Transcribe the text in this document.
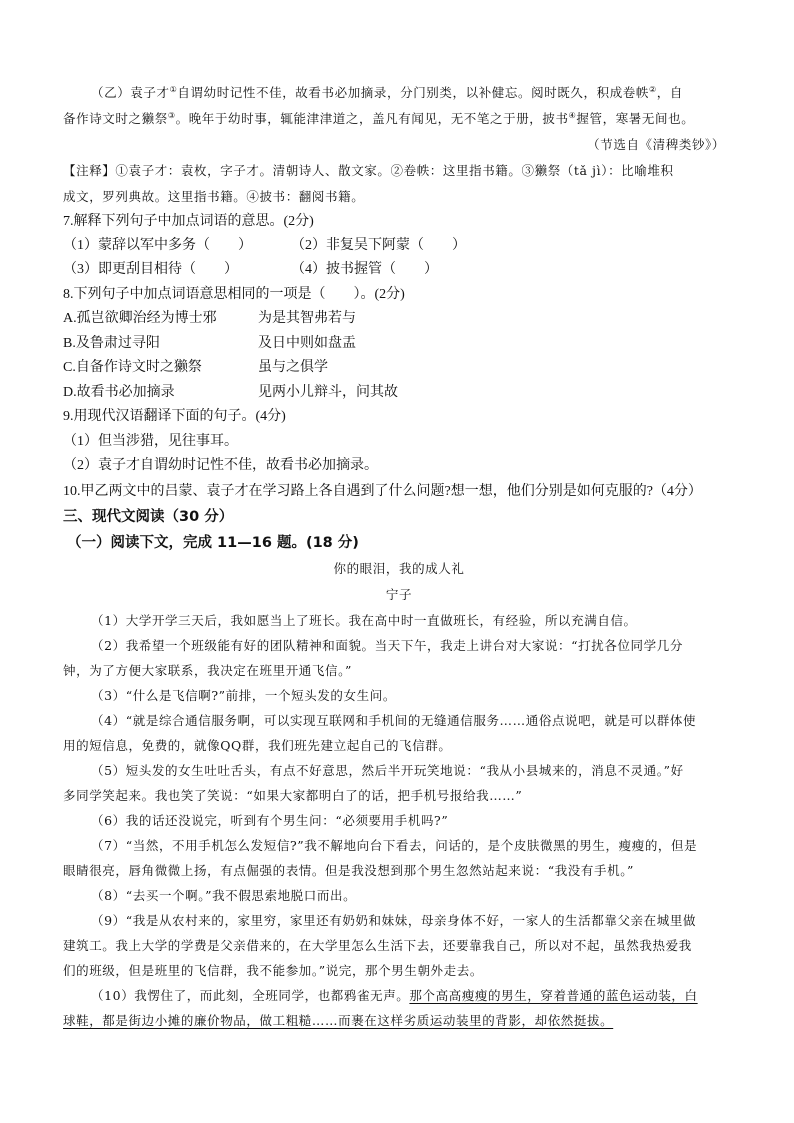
（乙）袁子才①自谓幼时记性不佳，故看书必加摘录，分门别类，以补健忘。阅时既久，积成卷帙②，自
备作诗文时之獭祭③。晚年于幼时事，辄能津津道之，盖凡有闻见，无不笔之于册，披书④握管，寒暑无间也。
（节选自《清稗类钞》）
【注释】①袁子才：袁枚，字子才。清朝诗人、散文家。②卷帙：这里指书籍。③獭祭（tǎ jì）：比喻堆积
成文，罗列典故。这里指书籍。④披书：翻阅书籍。
7.解释下列句子中加点词语的意思。(2分)
（1）蒙辞以军中多务（　　）	（2）非复吴下阿蒙（　　）
（3）即更刮目相待（　　）	（4）披书握管（　　）
8.下列句子中加点词语意思相同的一项是（　　）。(2分)
A.孤岂欲卿治经为博士邪	为是其智弗若与
B.及鲁肃过寻阳	及日中则如盘盂
C.自备作诗文时之獭祭	虽与之俱学
D.故看书必加摘录	见两小儿辩斗，问其故
9.用现代汉语翻译下面的句子。(4分)
（1）但当涉猎，见往事耳。
（2）袁子才自谓幼时记性不佳，故看书必加摘录。
10.甲乙两文中的吕蒙、袁子才在学习路上各自遇到了什么问题?想一想，他们分别是如何克服的?（4分）
三、现代文阅读（30 分）
（一）阅读下文，完成 11—16 题。(18 分)
你的眼泪，我的成人礼
宁子
（1）大学开学三天后，我如愿当上了班长。我在高中时一直做班长，有经验，所以充满自信。
（2）我希望一个班级能有好的团队精神和面貌。当天下午，我走上讲台对大家说：“打扰各位同学几分
钟，为了方便大家联系，我决定在班里开通飞信。”
（3）“什么是飞信啊?”前排，一个短头发的女生问。
（4）“就是综合通信服务啊，可以实现互联网和手机间的无缝通信服务……通俗点说吧，就是可以群体使
用的短信息，免费的，就像QQ群，我们班先建立起自己的飞信群。
（5）短头发的女生吐吐舌头，有点不好意思，然后半开玩笑地说：“我从小县城来的，消息不灵通。”好
多同学笑起来。我也笑了笑说：“如果大家都明白了的话，把手机号报给我……”
（6）我的话还没说完，听到有个男生问：“必须要用手机吗?”
（7）“当然，不用手机怎么发短信?”我不解地向台下看去，问话的，是个皮肤微黑的男生，瘦瘦的，但是
眼睛很亮，唇角微微上扬，有点倔强的表情。但是我没想到那个男生忽然站起来说：“我没有手机。”
（8）“去买一个啊。”我不假思索地脱口而出。
（9）“我是从农村来的，家里穷，家里还有奶奶和妹妹，母亲身体不好，一家人的生活都靠父亲在城里做
建筑工。我上大学的学费是父亲借来的，在大学里怎么生活下去，还要靠我自己，所以对不起，虽然我热爱我
们的班级，但是班里的飞信群，我不能参加。”说完，那个男生朝外走去。
（10）我愣住了，而此刻，全班同学，也都鸦雀无声。那个高高瘦瘦的男生，穿着普通的蓝色运动装，白
球鞋，都是街边小摊的廉价物品，做工粗糙……而裹在这样劣质运动装里的背影，却依然挺拔。
